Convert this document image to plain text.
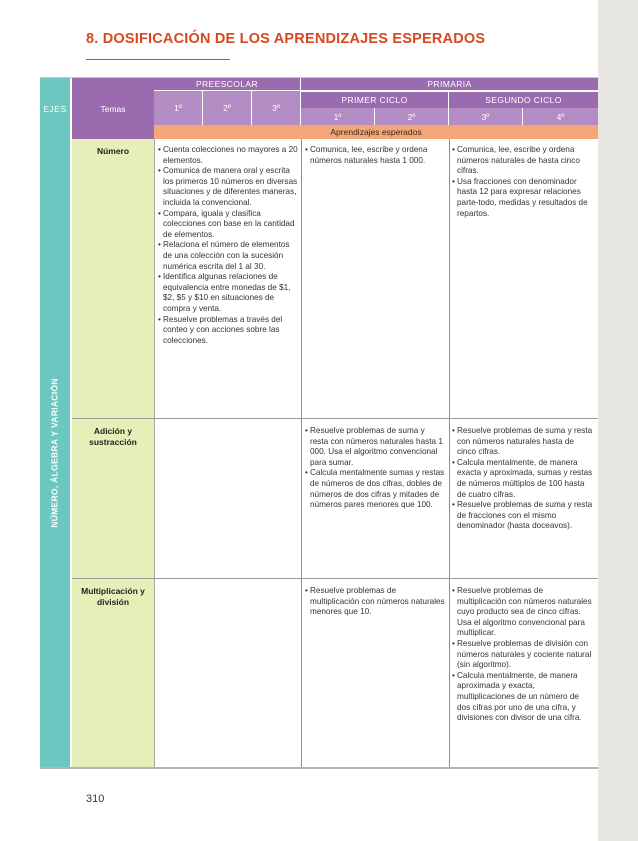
8. DOSIFICACIÓN DE LOS APRENDIZAJES ESPERADOS
EJES	Temas
PREESCOLAR	PRIMARIA
1º	2º	3º
PRIMER CICLO	SEGUNDO CICLO
1º	2º	3º	4º
Aprendizajes esperados
NÚMERO, ÁLGEBRA Y VARIACIÓN
Número
•	Cuenta colecciones no mayores a 20 elementos.
• Comunica de manera oral y escrita los primeros 10 números en diversas situaciones y de diferentes maneras, incluida la convencional.
• Compara, iguala y clasifica colecciones con base en la cantidad de elementos.
• Relaciona el número de elementos de una colección con la sucesión numérica escrita del 1 al 30.
• Identifica algunas relaciones de equivalencia entre monedas de $1, $2, $5 y $10 en situaciones de compra y venta.
• Resuelve problemas a través del conteo y con acciones sobre las colecciones.
• Comunica, lee, escribe y ordena números naturales hasta 1 000.
• Comunica, lee, escribe y ordena números naturales de hasta cinco cifras.
• Usa fracciones con denominador hasta 12 para expresar relaciones parte-todo, medidas y resultados de repartos.
Adición y sustracción
• Resuelve problemas de suma y resta con números naturales hasta 1 000. Usa el algoritmo convencional para sumar.
• Calcula mentalmente sumas y restas de números de dos cifras, dobles de números de dos cifras y mitades de números pares menores que 100.
• Resuelve problemas de suma y resta con números naturales hasta de cinco cifras.
• Calcula mentalmente, de manera exacta y aproximada, sumas y restas de números múltiplos de 100 hasta de cuatro cifras.
• Resuelve problemas de suma y resta de fracciones con el mismo denominador (hasta doceavos).
Multiplicación y división
• Resuelve problemas de multiplicación con números naturales menores que 10.
• Resuelve problemas de multiplicación con números naturales cuyo producto sea de cinco cifras. Usa el algoritmo convencional para multiplicar.
• Resuelve problemas de división con números naturales y cociente natural (sin algoritmo).
• Calcula mentalmente, de manera aproximada y exacta, multiplicaciones de un número de dos cifras por uno de una cifra, y divisiones con divisor de una cifra.
310
